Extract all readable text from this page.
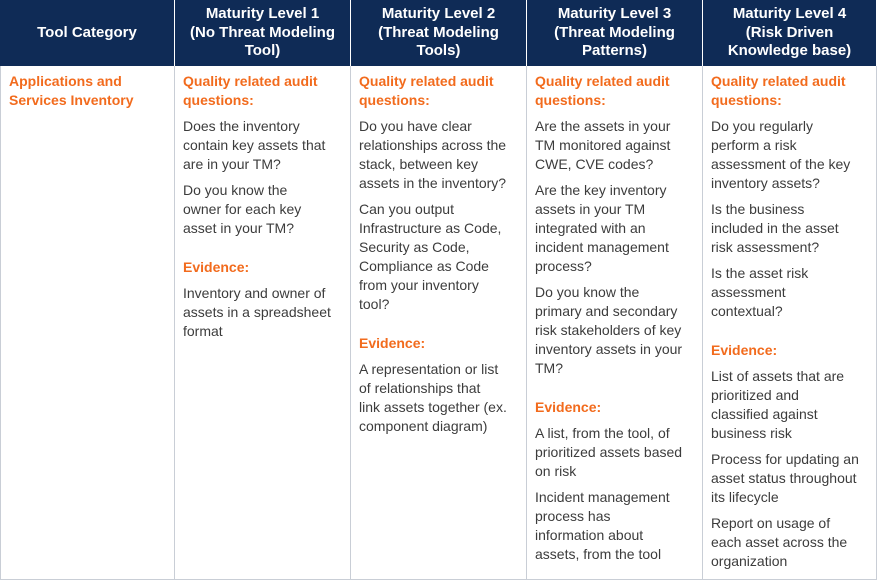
Tool Category
Maturity Level 1
(No Threat Modeling
Tool)
Maturity Level 2
(Threat Modeling
Tools)
Maturity Level 3
(Threat Modeling
Patterns)
Maturity Level 4
(Risk Driven
Knowledge base)
Applications and
Services Inventory
Quality related audit
questions:
Does the inventory
contain key assets that
are in your TM?
Do you know the
owner for each key
asset in your TM?
Evidence:
Inventory and owner of
assets in a spreadsheet
format
Quality related audit
questions:
Do you have clear
relationships across the
stack, between key
assets in the inventory?
Can you output
Infrastructure as Code,
Security as Code,
Compliance as Code
from your inventory
tool?
Evidence:
A representation or list
of relationships that
link assets together (ex.
component diagram)
Quality related audit
questions:
Are the assets in your
TM monitored against
CWE, CVE codes?
Are the key inventory
assets in your TM
integrated with an
incident management
process?
Do you know the
primary and secondary
risk stakeholders of key
inventory assets in your
TM?
Evidence:
A list, from the tool, of
prioritized assets based
on risk
Incident management
process has
information about
assets, from the tool
Quality related audit
questions:
Do you regularly
perform a risk
assessment of the key
inventory assets?
Is the business
included in the asset
risk assessment?
Is the asset risk
assessment
contextual?
Evidence:
List of assets that are
prioritized and
classified against
business risk
Process for updating an
asset status throughout
its lifecycle
Report on usage of
each asset across the
organization
